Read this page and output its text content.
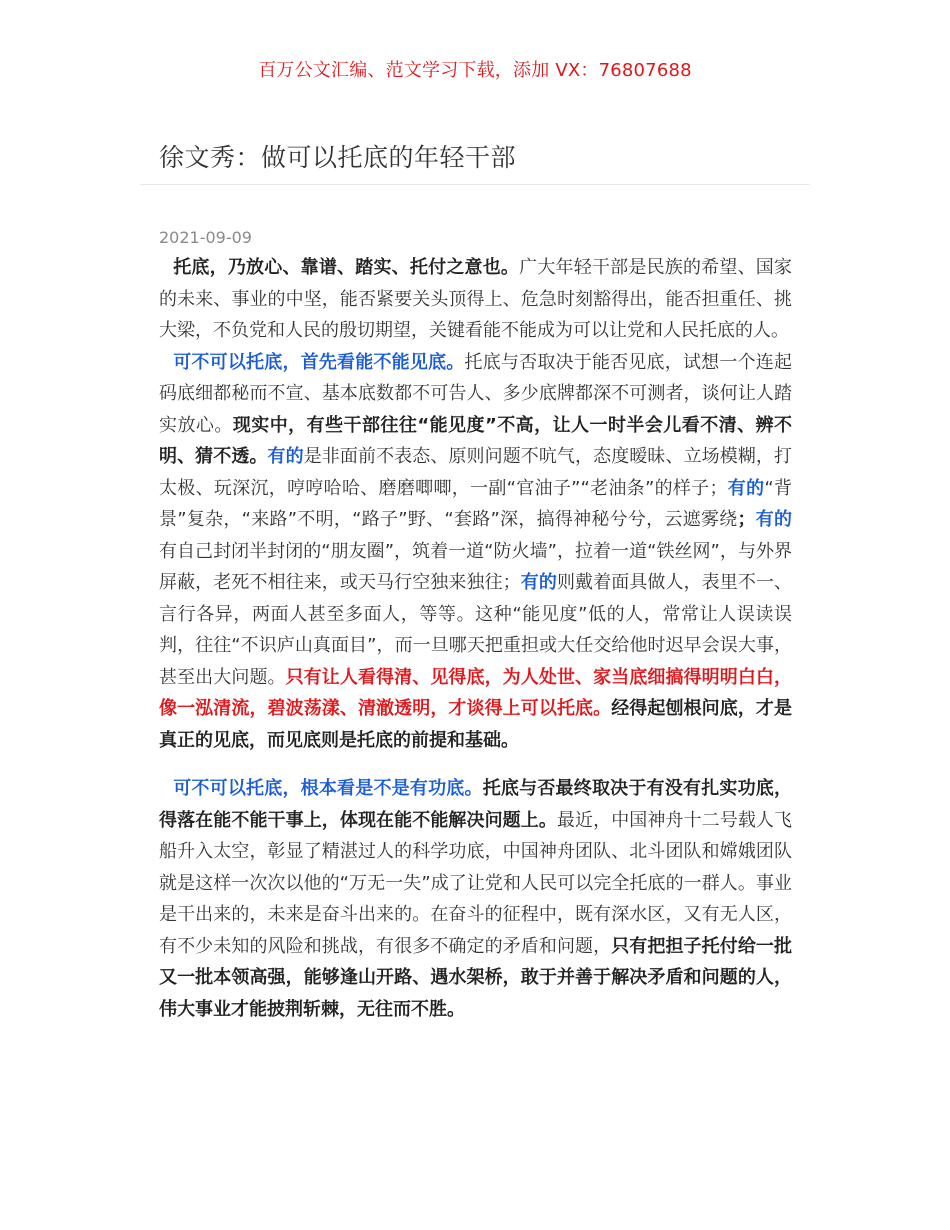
百万公文汇编、范文学习下载，添加 VX：76807688
徐文秀：做可以托底的年轻干部
2021-09-09

托底，乃放心、靠谱、踏实、托付之意也。广大年轻干部是民族的希望、国家的未来、事业的中坚，能否紧要关头顶得上、危急时刻豁得出，能否担重任、挑大梁，不负党和人民的殷切期望，关键看能不能成为可以让党和人民托底的人。

可不可以托底，首先看能不能见底。托底与否取决于能否见底，试想一个连起码底细都秘而不宣、基本底数都不可告人、多少底牌都深不可测者，谈何让人踏实放心。现实中，有些干部往往“能见度”不高，让人一时半会儿看不清、辨不明、猜不透。有的是非面前不表态、原则问题不吭气，态度暧昧、立场模糊，打太极、玩深沉，哼哼哈哈、磨磨唧唧，一副“官油子”“老油条”的样子；有的“背景”复杂，“来路”不明，“路子”野、“套路”深，搞得神秘兮兮，云遮雾绕；有的有自己封闭半封闭的“朋友圈”，筑着一道“防火墙”，拉着一道“铁丝网”，与外界屏蔽，老死不相往来，或天马行空独来独往；有的则戴着面具做人，表里不一、言行各异，两面人甚至多面人，等等。这种“能见度”低的人，常常让人误读误判，往往“不识庐山真面目”，而一旦哪天把重担或大任交给他时迟早会误大事，甚至出大问题。只有让人看得清、见得底，为人处世、家当底细搞得明明白白，像一泓清流，碧波荡漾、清澈透明，才谈得上可以托底。经得起刨根问底，才是真正的见底，而见底则是托底的前提和基础。

可不可以托底，根本看是不是有功底。托底与否最终取决于有没有扎实功底，得落在能不能干事上，体现在能不能解决问题上。最近，中国神舟十二号载人飞船升入太空，彰显了精湛过人的科学功底，中国神舟团队、北斗团队和嫦娥团队就是这样一次次以他的“万无一失”成了让党和人民可以完全托底的一群人。事业是干出来的，未来是奋斗出来的。在奋斗的征程中，既有深水区，又有无人区，有不少未知的风险和挑战，有很多不确定的矛盾和问题，只有把担子托付给一批又一批本领高强，能够逢山开路、遇水架桥，敢于并善于解决矛盾和问题的人，伟大事业才能披荆斩棘，无往而不胜。
